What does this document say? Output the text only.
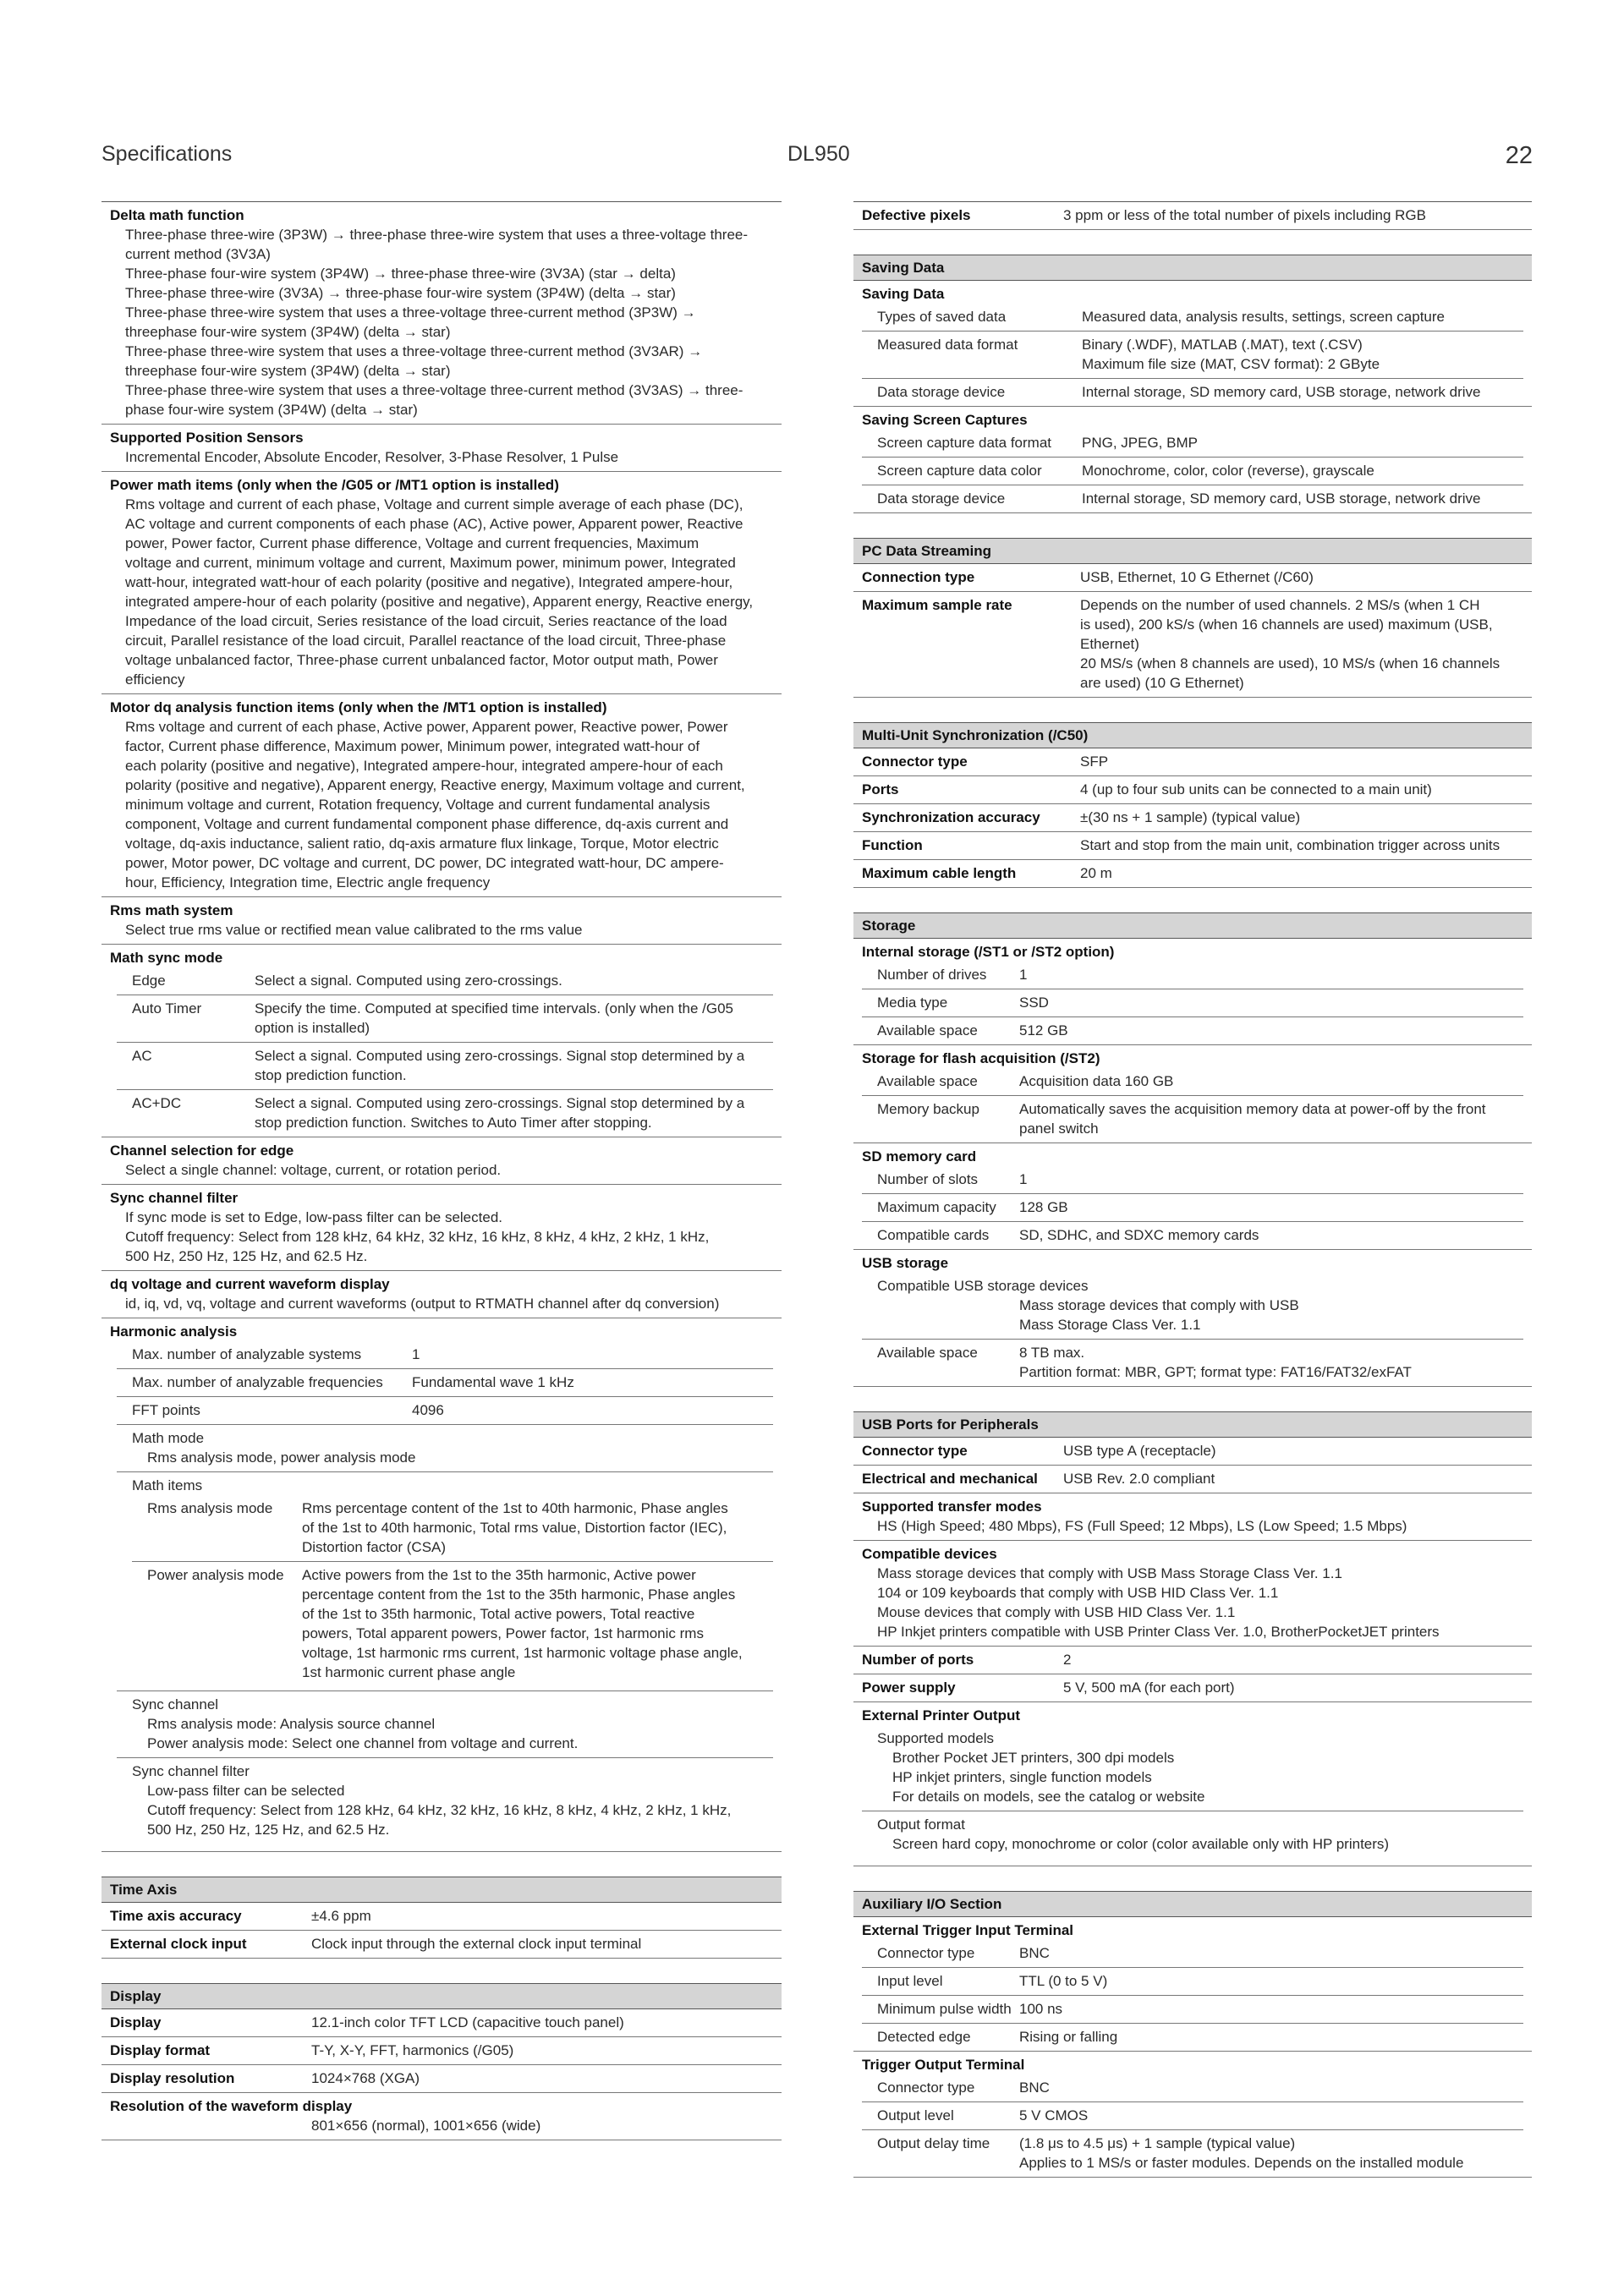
Specifications	DL950	22
Delta math function
Three-phase three-wire (3P3W) → three-phase three-wire system that uses a three-voltage three-
current method (3V3A)
Three-phase four-wire system (3P4W) → three-phase three-wire (3V3A) (star → delta)
Three-phase three-wire (3V3A) → three-phase four-wire system (3P4W) (delta → star)
Three-phase three-wire system that uses a three-voltage three-current method (3P3W) →
threephase four-wire system (3P4W) (delta → star)
Three-phase three-wire system that uses a three-voltage three-current method (3V3AR) →
threephase four-wire system (3P4W) (delta → star)
Three-phase three-wire system that uses a three-voltage three-current method (3V3AS) → three-
phase four-wire system (3P4W) (delta → star)
Supported Position Sensors
Incremental Encoder, Absolute Encoder, Resolver, 3-Phase Resolver, 1 Pulse
Power math items (only when the /G05 or /MT1 option is installed)
Rms voltage and current of each phase, Voltage and current simple average of each phase (DC),
AC voltage and current components of each phase (AC), Active power, Apparent power, Reactive
power, Power factor, Current phase difference, Voltage and current frequencies, Maximum
voltage and current, minimum voltage and current, Maximum power, minimum power, Integrated
watt-hour, integrated watt-hour of each polarity (positive and negative), Integrated ampere-hour,
integrated ampere-hour of each polarity (positive and negative), Apparent energy, Reactive energy,
Impedance of the load circuit, Series resistance of the load circuit, Series reactance of the load
circuit, Parallel resistance of the load circuit, Parallel reactance of the load circuit, Three-phase
voltage unbalanced factor, Three-phase current unbalanced factor, Motor output math, Power
efficiency
Motor dq analysis function items (only when the /MT1 option is installed)
Rms voltage and current of each phase, Active power, Apparent power, Reactive power, Power
factor, Current phase difference, Maximum power, Minimum power, integrated watt-hour of
each polarity (positive and negative), Integrated ampere-hour, integrated ampere-hour of each
polarity (positive and negative), Apparent energy, Reactive energy, Maximum voltage and current,
minimum voltage and current, Rotation frequency, Voltage and current fundamental analysis
component, Voltage and current fundamental component phase difference, dq-axis current and
voltage, dq-axis inductance, salient ratio, dq-axis armature flux linkage, Torque, Motor electric
power, Motor power, DC voltage and current, DC power, DC integrated watt-hour, DC ampere-
hour, Efficiency, Integration time, Electric angle frequency
Rms math system
Select true rms value or rectified mean value calibrated to the rms value
Math sync mode
Edge	Select a signal. Computed using zero-crossings.
Auto Timer	Specify the time. Computed at specified time intervals. (only when the /G05
option is installed)
AC	Select a signal. Computed using zero-crossings. Signal stop determined by a
stop prediction function.
AC+DC	Select a signal. Computed using zero-crossings. Signal stop determined by a
stop prediction function. Switches to Auto Timer after stopping.
Channel selection for edge
Select a single channel: voltage, current, or rotation period.
Sync channel filter
If sync mode is set to Edge, low-pass filter can be selected.
Cutoff frequency: Select from 128 kHz, 64 kHz, 32 kHz, 16 kHz, 8 kHz, 4 kHz, 2 kHz, 1 kHz,
500 Hz, 250 Hz, 125 Hz, and 62.5 Hz.
dq voltage and current waveform display
id, iq, vd, vq, voltage and current waveforms (output to RTMATH channel after dq conversion)
Harmonic analysis
Max. number of analyzable systems	1
Max. number of analyzable frequencies	Fundamental wave 1 kHz
FFT points	4096
Math mode
Rms analysis mode, power analysis mode
Math items
Rms analysis mode	Rms percentage content of the 1st to 40th harmonic, Phase angles
of the 1st to 40th harmonic, Total rms value, Distortion factor (IEC),
Distortion factor (CSA)
Power analysis mode	Active powers from the 1st to the 35th harmonic, Active power
percentage content from the 1st to the 35th harmonic, Phase angles
of the 1st to 35th harmonic, Total active powers, Total reactive
powers, Total apparent powers, Power factor, 1st harmonic rms
voltage, 1st harmonic rms current, 1st harmonic voltage phase angle,
1st harmonic current phase angle
Sync channel
Rms analysis mode: Analysis source channel
Power analysis mode: Select one channel from voltage and current.
Sync channel filter
Low-pass filter can be selected
Cutoff frequency: Select from 128 kHz, 64 kHz, 32 kHz, 16 kHz, 8 kHz, 4 kHz, 2 kHz, 1 kHz,
500 Hz, 250 Hz, 125 Hz, and 62.5 Hz.
Time Axis
Time axis accuracy	±4.6 ppm
External clock input	Clock input through the external clock input terminal
Display
Display	12.1-inch color TFT LCD (capacitive touch panel)
Display format	T-Y, X-Y, FFT, harmonics (/G05)
Display resolution	1024×768 (XGA)
Resolution of the waveform display
801×656 (normal), 1001×656 (wide)
Defective pixels	3 ppm or less of the total number of pixels including RGB
Saving Data
Saving Data
Types of saved data	Measured data, analysis results, settings, screen capture
Measured data format	Binary (.WDF), MATLAB (.MAT), text (.CSV)
Maximum file size (MAT, CSV format): 2 GByte
Data storage device	Internal storage, SD memory card, USB storage, network drive
Saving Screen Captures
Screen capture data format	PNG, JPEG, BMP
Screen capture data color	Monochrome, color, color (reverse), grayscale
Data storage device	Internal storage, SD memory card, USB storage, network drive
PC Data Streaming
Connection type	USB, Ethernet, 10 G Ethernet (/C60)
Maximum sample rate	Depends on the number of used channels. 2 MS/s (when 1 CH
is used), 200 kS/s (when 16 channels are used) maximum (USB,
Ethernet)
20 MS/s (when 8 channels are used), 10 MS/s (when 16 channels
are used) (10 G Ethernet)
Multi-Unit Synchronization (/C50)
Connector type	SFP
Ports	4 (up to four sub units can be connected to a main unit)
Synchronization accuracy	±(30 ns + 1 sample) (typical value)
Function	Start and stop from the main unit, combination trigger across units
Maximum cable length	20 m
Storage
Internal storage (/ST1 or /ST2 option)
Number of drives	1
Media type	SSD
Available space	512 GB
Storage for flash acquisition (/ST2)
Available space	Acquisition data 160 GB
Memory backup	Automatically saves the acquisition memory data at power-off by the front
panel switch
SD memory card
Number of slots	1
Maximum capacity	128 GB
Compatible cards	SD, SDHC, and SDXC memory cards
USB storage
Compatible USB storage devices
Mass storage devices that comply with USB
Mass Storage Class Ver. 1.1
Available space	8 TB max.
Partition format: MBR, GPT; format type: FAT16/FAT32/exFAT
USB Ports for Peripherals
Connector type	USB type A (receptacle)
Electrical and mechanical	USB Rev. 2.0 compliant
Supported transfer modes
HS (High Speed; 480 Mbps), FS (Full Speed; 12 Mbps), LS (Low Speed; 1.5 Mbps)
Compatible devices
Mass storage devices that comply with USB Mass Storage Class Ver. 1.1
104 or 109 keyboards that comply with USB HID Class Ver. 1.1
Mouse devices that comply with USB HID Class Ver. 1.1
HP Inkjet printers compatible with USB Printer Class Ver. 1.0, BrotherPocketJET printers
Number of ports	2
Power supply	5 V, 500 mA (for each port)
External Printer Output
Supported models
Brother Pocket JET printers, 300 dpi models
HP inkjet printers, single function models
For details on models, see the catalog or website
Output format
Screen hard copy, monochrome or color (color available only with HP printers)
Auxiliary I/O Section
External Trigger Input Terminal
Connector type	BNC
Input level	TTL (0 to 5 V)
Minimum pulse width 100 ns
Detected edge	Rising or falling
Trigger Output Terminal
Connector type	BNC
Output level	5 V CMOS
Output delay time	(1.8 μs to 4.5 μs) + 1 sample (typical value)
Applies to 1 MS/s or faster modules. Depends on the installed module
